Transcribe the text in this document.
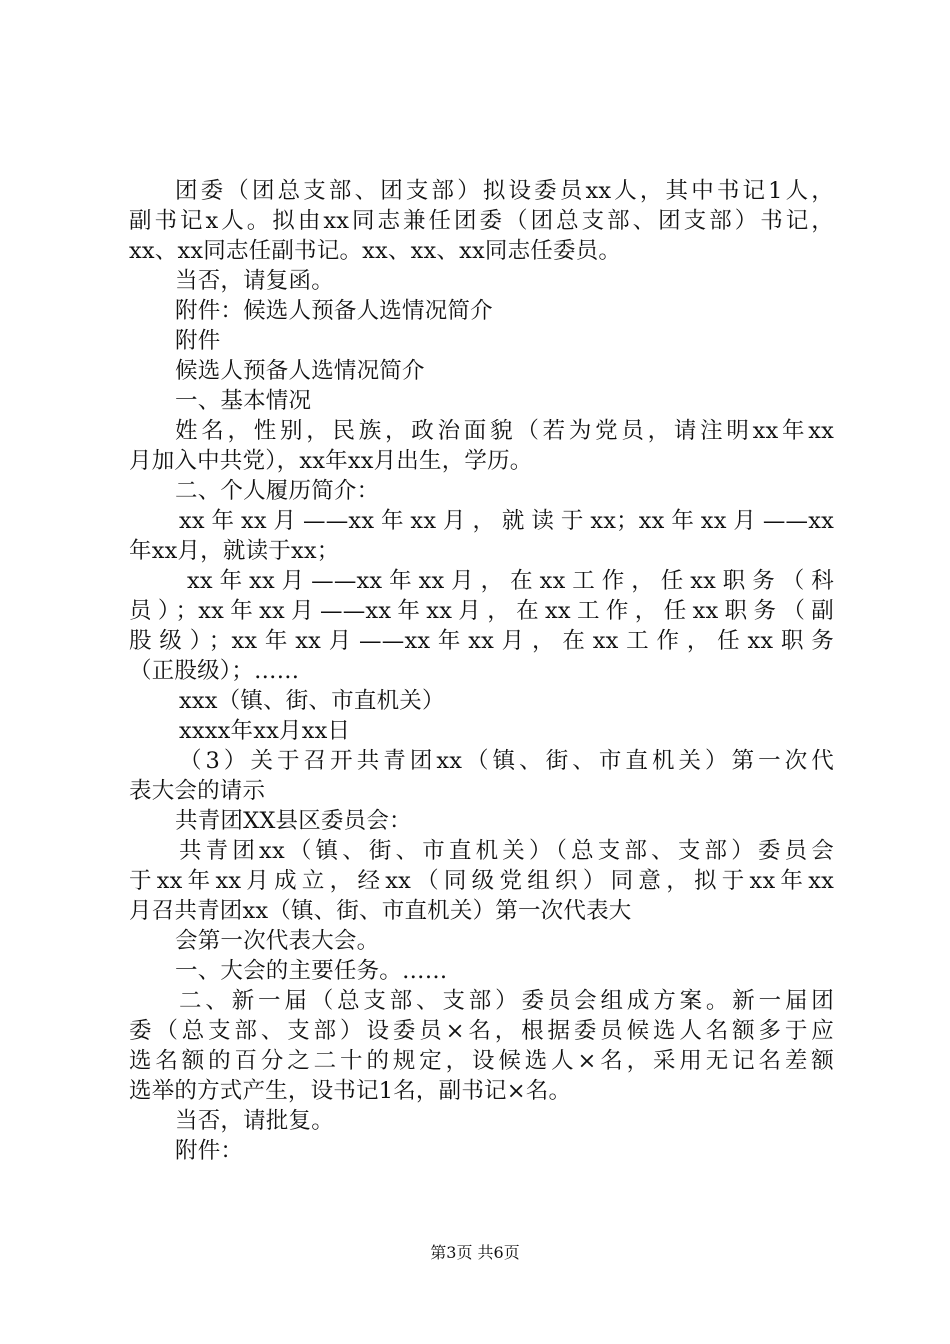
团委（团总支部、团支部）拟设委员xx人，其中书记1人，
副书记x人。拟由xx同志兼任团委（团总支部、团支部）书记，
xx、xx同志任副书记。xx、xx、xx同志任委员。
当否，请复函。
附件：候选人预备人选情况简介
附件
候选人预备人选情况简介
一、基本情况
姓名，性别，民族，政治面貌（若为党员，请注明xx年xx
月加入中共党），xx年xx月出生，学历。
二、个人履历简介：
xx年xx月——xx年xx月，就读于xx；xx年xx月——xx
年xx月，就读于xx；
xx年xx月——xx年xx月，在xx工作，任xx职务（科
员）；xx年xx月——xx年xx月，在xx工作，任xx职务（副
股级）；xx年xx月——xx年xx月，在xx工作，任xx职务
（正股级）；……
xxx（镇、街、市直机关）
xxxx年xx月xx日
（3）关于召开共青团xx（镇、街、市直机关）第一次代
表大会的请示
共青团XX县区委员会：
共青团xx（镇、街、市直机关）（总支部、支部）委员会
于xx年xx月成立，经xx（同级党组织）同意，拟于xx年xx
月召共青团xx（镇、街、市直机关）第一次代表大
会第一次代表大会。
一、大会的主要任务。……
二、新一届（总支部、支部）委员会组成方案。新一届团
委（总支部、支部）设委员×名，根据委员候选人名额多于应
选名额的百分之二十的规定，设候选人×名，采用无记名差额
选举的方式产生，设书记1名，副书记×名。
当否，请批复。
附件：
第3页 共6页
